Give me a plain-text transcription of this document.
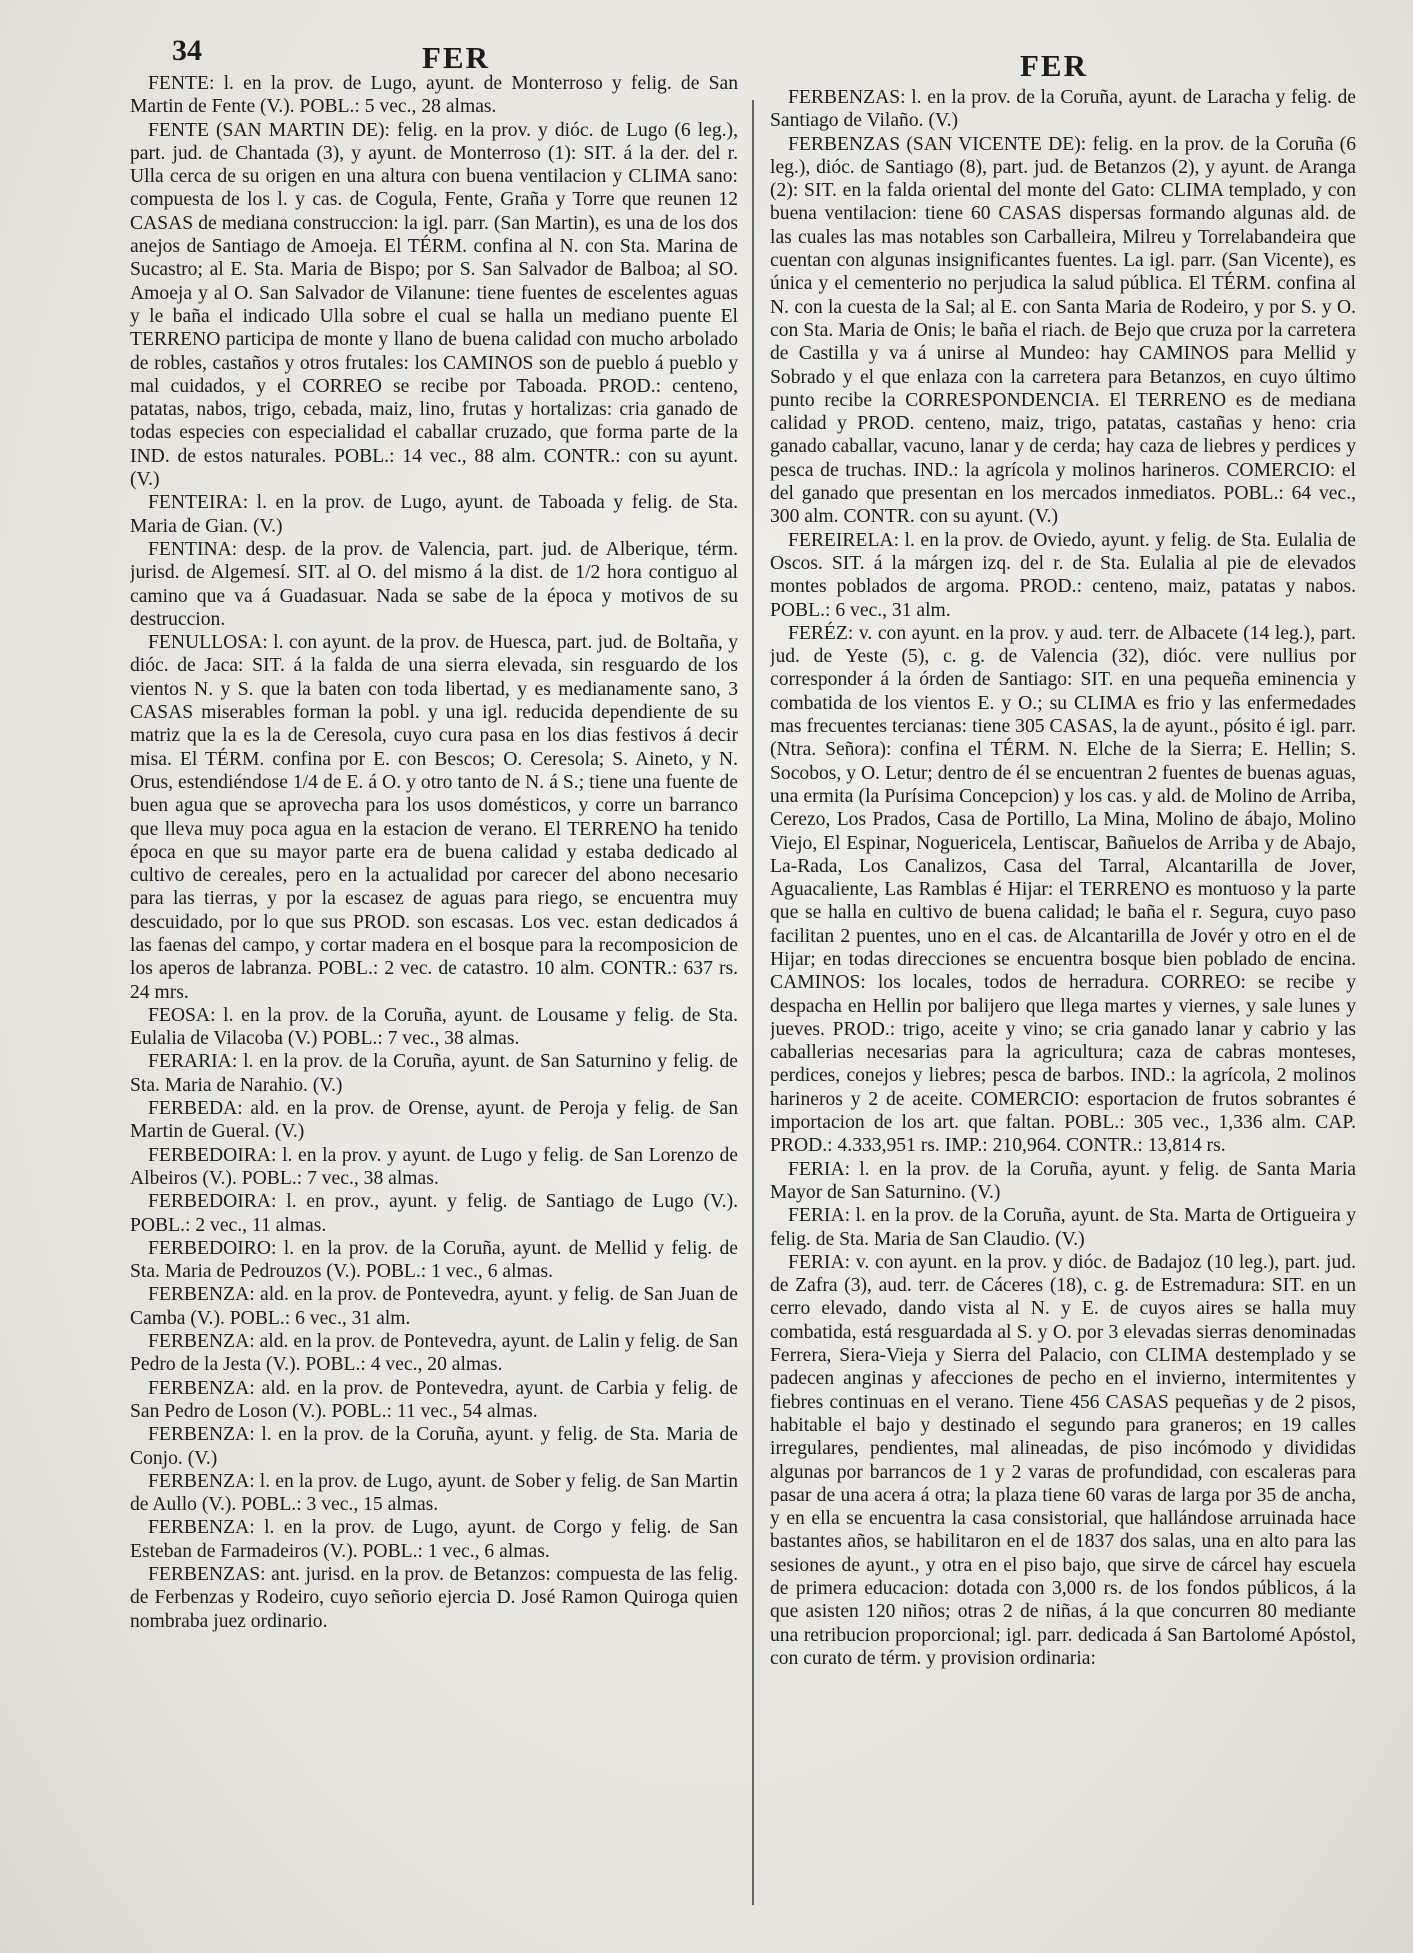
34	FER	FER

FENTE: l. en la prov. de Lugo, ayunt. de Monterroso y felig. de San Martin de Fente (V.). POBL.: 5 vec., 28 almas.

FENTE (SAN MARTIN DE): felig. en la prov. y dióc. de Lugo (6 leg.), part. jud. de Chantada (3), y ayunt. de Monterroso (1): SIT. á la der. del r. Ulla cerca de su origen en una altura con buena ventilacion y CLIMA sano: compuesta de los l. y cas. de Cogula, Fente, Graña y Torre que reunen 12 CASAS de mediana construccion: la igl. parr. (San Martin), es una de los dos anejos de Santiago de Amoeja. El TÉRM. confina al N. con Sta. Marina de Sucastro; al E. Sta. Maria de Bispo; por S. San Salvador de Balboa; al SO. Amoeja y al O. San Salvador de Vilanune: tiene fuentes de escelentes aguas y le baña el indicado Ulla sobre el cual se halla un mediano puente El TERRENO participa de monte y llano de buena calidad con mucho arbolado de robles, castaños y otros frutales: los CAMINOS son de pueblo á pueblo y mal cuidados, y el CORREO se recibe por Taboada. PROD.: centeno, patatas, nabos, trigo, cebada, maiz, lino, frutas y hortalizas: cria ganado de todas especies con especialidad el caballar cruzado, que forma parte de la IND. de estos naturales. POBL.: 14 vec., 88 alm. CONTR.: con su ayunt. (V.)

FENTEIRA: l. en la prov. de Lugo, ayunt. de Taboada y felig. de Sta. Maria de Gian. (V.)

FENTINA: desp. de la prov. de Valencia, part. jud. de Alberique, térm. jurisd. de Algemesí. SIT. al O. del mismo á la dist. de 1/2 hora contiguo al camino que va á Guadasuar. Nada se sabe de la época y motivos de su destruccion.

FENULLOSA: l. con ayunt. de la prov. de Huesca, part. jud. de Boltaña, y dióc. de Jaca: SIT. á la falda de una sierra elevada, sin resguardo de los vientos N. y S. que la baten con toda libertad, y es medianamente sano, 3 CASAS miserables forman la pobl. y una igl. reducida dependiente de su matriz que la es la de Ceresola, cuyo cura pasa en los dias festivos á decir misa. El TÉRM. confina por E. con Bescos; O. Ceresola; S. Aineto, y N. Orus, estendiéndose 1/4 de E. á O. y otro tanto de N. á S.; tiene una fuente de buen agua que se aprovecha para los usos domésticos, y corre un barranco que lleva muy poca agua en la estacion de verano. El TERRENO ha tenido época en que su mayor parte era de buena calidad y estaba dedicado al cultivo de cereales, pero en la actualidad por carecer del abono necesario para las tierras, y por la escasez de aguas para riego, se encuentra muy descuidado, por lo que sus PROD. son escasas. Los vec. estan dedicados á las faenas del campo, y cortar madera en el bosque para la recomposicion de los aperos de labranza. POBL.: 2 vec. de catastro. 10 alm. CONTR.: 637 rs. 24 mrs.

FEOSA: l. en la prov. de la Coruña, ayunt. de Lousame y felig. de Sta. Eulalia de Vilacoba (V.) POBL.: 7 vec., 38 almas.

FERARIA: l. en la prov. de la Coruña, ayunt. de San Saturnino y felig. de Sta. Maria de Narahio. (V.)

FERBEDA: ald. en la prov. de Orense, ayunt. de Peroja y felig. de San Martin de Gueral. (V.)

FERBEDOIRA: l. en la prov. y ayunt. de Lugo y felig. de San Lorenzo de Albeiros (V.). POBL.: 7 vec., 38 almas.

FERBEDOIRA: l. en prov., ayunt. y felig. de Santiago de Lugo (V.). POBL.: 2 vec., 11 almas.

FERBEDOIRO: l. en la prov. de la Coruña, ayunt. de Mellid y felig. de Sta. Maria de Pedrouzos (V.). POBL.: 1 vec., 6 almas.

FERBENZA: ald. en la prov. de Pontevedra, ayunt. y felig. de San Juan de Camba (V.). POBL.: 6 vec., 31 alm.

FERBENZA: ald. en la prov. de Pontevedra, ayunt. de Lalin y felig. de San Pedro de la Jesta (V.). POBL.: 4 vec., 20 almas.

FERBENZA: ald. en la prov. de Pontevedra, ayunt. de Carbia y felig. de San Pedro de Loson (V.). POBL.: 11 vec., 54 almas.

FERBENZA: l. en la prov. de la Coruña, ayunt. y felig. de Sta. Maria de Conjo. (V.)

FERBENZA: l. en la prov. de Lugo, ayunt. de Sober y felig. de San Martin de Aullo (V.). POBL.: 3 vec., 15 almas.

FERBENZA: l. en la prov. de Lugo, ayunt. de Corgo y felig. de San Esteban de Farmadeiros (V.). POBL.: 1 vec., 6 almas.

FERBENZAS: ant. jurisd. en la prov. de Betanzos: compuesta de las felig. de Ferbenzas y Rodeiro, cuyo señorio ejercia D. José Ramon Quiroga quien nombraba juez ordinario.

FERBENZAS: l. en la prov. de la Coruña, ayunt. de Laracha y felig. de Santiago de Vilaño. (V.)

FERBENZAS (SAN VICENTE DE): felig. en la prov. de la Coruña (6 leg.), dióc. de Santiago (8), part. jud. de Betanzos (2), y ayunt. de Aranga (2): SIT. en la falda oriental del monte del Gato: CLIMA templado, y con buena ventilacion: tiene 60 CASAS dispersas formando algunas ald. de las cuales las mas notables son Carballeira, Milreu y Torrelabandeira que cuentan con algunas insignificantes fuentes. La igl. parr. (San Vicente), es única y el cementerio no perjudica la salud pública. El TÉRM. confina al N. con la cuesta de la Sal; al E. con Santa Maria de Rodeiro, y por S. y O. con Sta. Maria de Onis; le baña el riach. de Bejo que cruza por la carretera de Castilla y va á unirse al Mundeo: hay CAMINOS para Mellid y Sobrado y el que enlaza con la carretera para Betanzos, en cuyo último punto recibe la CORRESPONDENCIA. El TERRENO es de mediana calidad y PROD. centeno, maiz, trigo, patatas, castañas y heno: cria ganado caballar, vacuno, lanar y de cerda; hay caza de liebres y perdices y pesca de truchas. IND.: la agrícola y molinos harineros. COMERCIO: el del ganado que presentan en los mercados inmediatos. POBL.: 64 vec., 300 alm. CONTR. con su ayunt. (V.)

FEREIRELA: l. en la prov. de Oviedo, ayunt. y felig. de Sta. Eulalia de Oscos. SIT. á la márgen izq. del r. de Sta. Eulalia al pie de elevados montes poblados de argoma. PROD.: centeno, maiz, patatas y nabos. POBL.: 6 vec., 31 alm.

FERÉZ: v. con ayunt. en la prov. y aud. terr. de Albacete (14 leg.), part. jud. de Yeste (5), c. g. de Valencia (32), dióc. vere nullius por corresponder á la órden de Santiago: SIT. en una pequeña eminencia y combatida de los vientos E. y O.; su CLIMA es frio y las enfermedades mas frecuentes tercianas: tiene 305 CASAS, la de ayunt., pósito é igl. parr. (Ntra. Señora): confina el TÉRM. N. Elche de la Sierra; E. Hellin; S. Socobos, y O. Letur; dentro de él se encuentran 2 fuentes de buenas aguas, una ermita (la Purísima Concepcion) y los cas. y ald. de Molino de Arriba, Cerezo, Los Prados, Casa de Portillo, La Mina, Molino de ábajo, Molino Viejo, El Espinar, Noguericela, Lentiscar, Bañuelos de Arriba y de Abajo, La-Rada, Los Canalizos, Casa del Tarral, Alcantarilla de Jover, Aguacaliente, Las Ramblas é Hijar: el TERRENO es montuoso y la parte que se halla en cultivo de buena calidad; le baña el r. Segura, cuyo paso facilitan 2 puentes, uno en el cas. de Alcantarilla de Jovér y otro en el de Hijar; en todas direcciones se encuentra bosque bien poblado de encina. CAMINOS: los locales, todos de herradura. CORREO: se recibe y despacha en Hellin por balijero que llega martes y viernes, y sale lunes y jueves. PROD.: trigo, aceite y vino; se cria ganado lanar y cabrio y las caballerias necesarias para la agricultura; caza de cabras monteses, perdices, conejos y liebres; pesca de barbos. IND.: la agrícola, 2 molinos harineros y 2 de aceite. COMERCIO: esportacion de frutos sobrantes é importacion de los art. que faltan. POBL.: 305 vec., 1,336 alm. CAP. PROD.: 4.333,951 rs. IMP.: 210,964. CONTR.: 13,814 rs.

FERIA: l. en la prov. de la Coruña, ayunt. y felig. de Santa Maria Mayor de San Saturnino. (V.)

FERIA: l. en la prov. de la Coruña, ayunt. de Sta. Marta de Ortigueira y felig. de Sta. Maria de San Claudio. (V.)

FERIA: v. con ayunt. en la prov. y dióc. de Badajoz (10 leg.), part. jud. de Zafra (3), aud. terr. de Cáceres (18), c. g. de Estremadura: SIT. en un cerro elevado, dando vista al N. y E. de cuyos aires se halla muy combatida, está resguardada al S. y O. por 3 elevadas sierras denominadas Ferrera, Siera-Vieja y Sierra del Palacio, con CLIMA destemplado y se padecen anginas y afecciones de pecho en el invierno, intermitentes y fiebres continuas en el verano. Tiene 456 CASAS pequeñas y de 2 pisos, habitable el bajo y destinado el segundo para graneros; en 19 calles irregulares, pendientes, mal alineadas, de piso incómodo y divididas algunas por barrancos de 1 y 2 varas de profundidad, con escaleras para pasar de una acera á otra; la plaza tiene 60 varas de larga por 35 de ancha, y en ella se encuentra la casa consistorial, que hallándose arruinada hace bastantes años, se habilitaron en el de 1837 dos salas, una en alto para las sesiones de ayunt., y otra en el piso bajo, que sirve de cárcel hay escuela de primera educacion: dotada con 3,000 rs. de los fondos públicos, á la que asisten 120 niños; otras 2 de niñas, á la que concurren 80 mediante una retribucion proporcional; igl. parr. dedicada á San Bartolomé Apóstol, con curato de térm. y provision ordinaria:
